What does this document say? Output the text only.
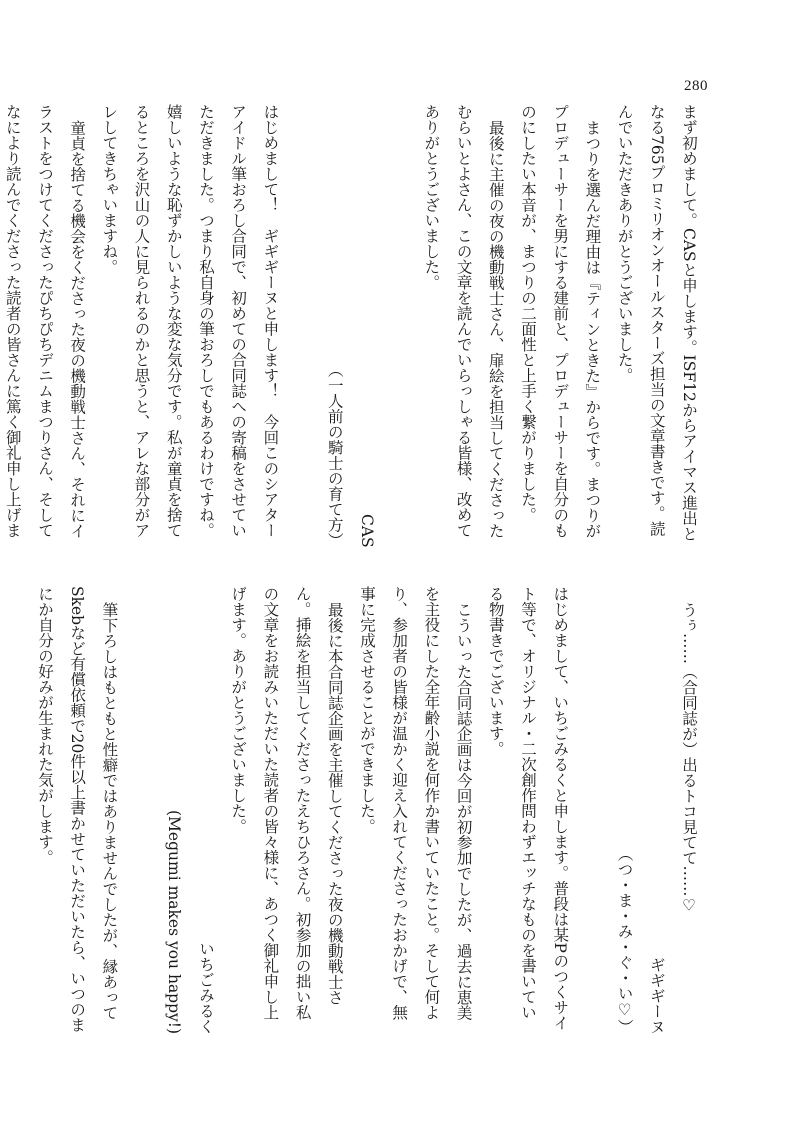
280

まず初めまして。CASと申します。ISF12からアイマス進出となる765プロミリオンオールスターズ担当の文章書きです。読んでいただきありがとうございました。

まつりを選んだ理由は『ティンときた』からです。まつりがプロデューサーを男にする建前と、プロデューサーを自分のものにしたい本音が、まつりの二面性と上手く繋がりました。

最後に主催の夜の機動戦士さん、扉絵を担当してくださったむらいとよさん、この文章を読んでいらっしゃる皆様、改めてありがとうございました。

CAS

（一人前の騎士の育て方）

はじめまして！　ギギギーヌと申します！　今回このシアターアイドル筆おろし合同で、初めての合同誌への寄稿をさせていただきました。つまり私自身の筆おろしでもあるわけですね。嬉しいような恥ずかしいような変な気分です。私が童貞を捨てるところを沢山の人に見られるのかと思うと、アレな部分がアレしてきちゃいますね。

童貞を捨てる機会をくださった夜の機動戦士さん、それにイラストをつけてくださったぴちぴちデニムまつりさん、そしてなにより読んでくださった読者の皆さんに篤く御礼申し上げま

うぅ……（合同誌が）出るトコ見てて……♡

ギギギーヌ

（つ・ま・み・ぐ・い♡）

はじめまして、いちごみるくと申します。普段は某Pのつくサイト等で、オリジナル・二次創作問わずエッチなものを書いている物書きでございます。

こういった合同誌企画は今回が初参加でしたが、過去に恵美を主役にした全年齢小説を何作か書いていたこと。そして何より、参加者の皆様が温かく迎え入れてくださったおかげで、無事に完成させることができました。

最後に本合同誌企画を主催してくださった夜の機動戦士さん。挿絵を担当してくださったえちひろさん。初参加の拙い私の文章をお読みいただいた読者の皆々様に、あつく御礼申し上げます。ありがとうございました。

いちごみるく

(Megumi makes you happy!)

筆下ろしはもともと性癖ではありませんでしたが、縁あってSkebなど有償依頼で20件以上書かせていただいたら、いつのまにか自分の好みが生まれた気がします。
